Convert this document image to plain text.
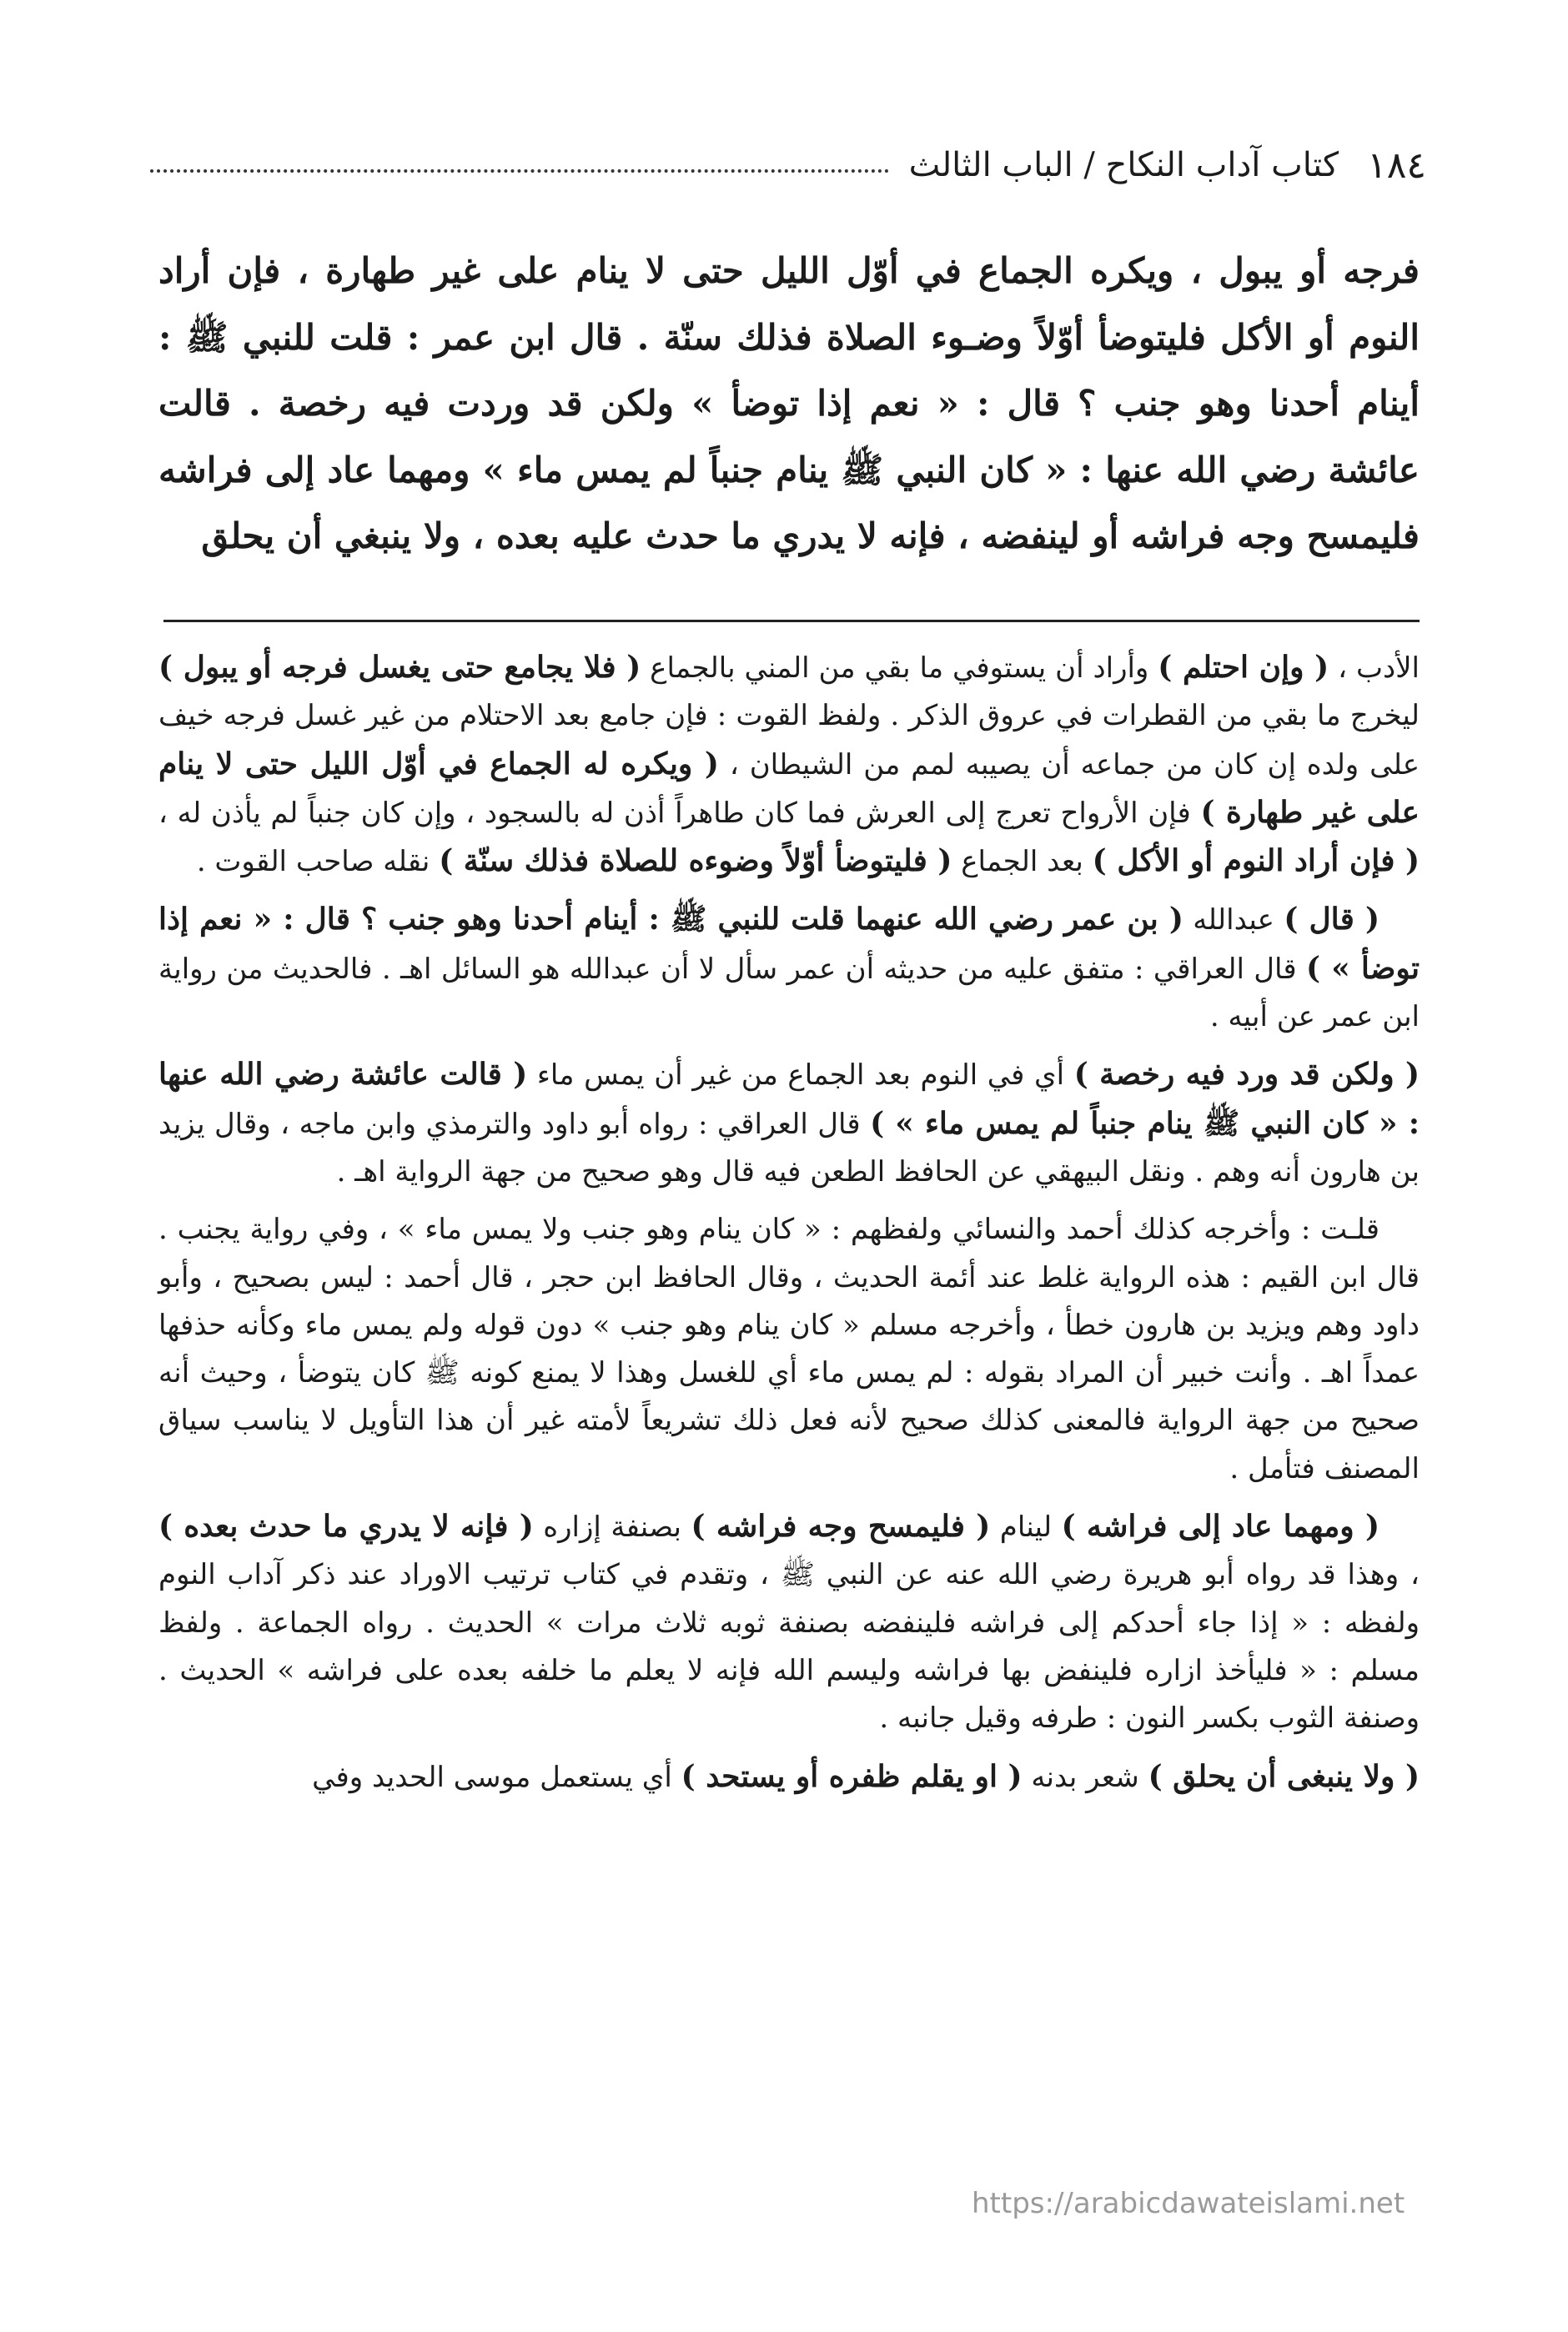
١٨٤
كتاب آداب النكاح / الباب الثالث
فرجه أو يبول ، ويكره الجماع في أوّل الليل حتى لا ينام على غير طهارة ، فإن أراد النوم أو الأكل فليتوضأ أوّلاً وضـوء الصلاة فذلك سنّة . قال ابن عمر : قلت للنبي ﷺ : أينام أحدنا وهو جنب ؟ قال : « نعم إذا توضأ » ولكن قد وردت فيه رخصة . قالت عائشة رضي الله عنها : « كان النبي ﷺ ينام جنباً لم يمس ماء » ومهما عاد إلى فراشه فليمسح وجه فراشه أو لينفضه ، فإنه لا يدري ما حدث عليه بعده ، ولا ينبغي أن يحلق

الأدب ، ( وإن احتلم ) وأراد أن يستوفي ما بقي من المني بالجماع ( فلا يجامع حتى يغسل فرجه أو يبول ) ليخرج ما بقي من القطرات في عروق الذكر . ولفظ القوت : فإن جامع بعد الاحتلام من غير غسل فرجه خيف على ولده إن كان من جماعه أن يصيبه لمم من الشيطان ، ( ويكره له الجماع في أوّل الليل حتى لا ينام على غير طهارة ) فإن الأرواح تعرج إلى العرش فما كان طاهراً أذن له بالسجود ، وإن كان جنباً لم يأذن له ، ( فإن أراد النوم أو الأكل ) بعد الجماع ( فليتوضأ أوّلاً وضوءه للصلاة فذلك سنّة ) نقله صاحب القوت .

( قال ) عبدالله ( بن عمر رضي الله عنهما قلت للنبي ﷺ : أينام أحدنا وهو جنب ؟ قال : « نعم إذا توضأ » ) قال العراقي : متفق عليه من حديثه أن عمر سأل لا أن عبدالله هو السائل اهـ . فالحديث من رواية ابن عمر عن أبيه .

( ولكن قد ورد فيه رخصة ) أي في النوم بعد الجماع من غير أن يمس ماء ( قالت عائشة رضي الله عنها : « كان النبي ﷺ ينام جنباً لم يمس ماء » ) قال العراقي : رواه أبو داود والترمذي وابن ماجه ، وقال يزيد بن هارون أنه وهم . ونقل البيهقي عن الحافظ الطعن فيه قال وهو صحيح من جهة الرواية اهـ .

قلـت : وأخرجه كذلك أحمد والنسائي ولفظهم : « كان ينام وهو جنب ولا يمس ماء » ، وفي رواية يجنب . قال ابن القيم : هذه الرواية غلط عند أئمة الحديث ، وقال الحافظ ابن حجر ، قال أحمد : ليس بصحيح ، وأبو داود وهم ويزيد بن هارون خطأ ، وأخرجه مسلم « كان ينام وهو جنب » دون قوله ولم يمس ماء وكأنه حذفها عمداً اهـ . وأنت خبير أن المراد بقوله : لم يمس ماء أي للغسل وهذا لا يمنع كونه ﷺ كان يتوضأ ، وحيث أنه صحيح من جهة الرواية فالمعنى كذلك صحيح لأنه فعل ذلك تشريعاً لأمته غير أن هذا التأويل لا يناسب سياق المصنف فتأمل .

( ومهما عاد إلى فراشه ) لينام ( فليمسح وجه فراشه ) بصنفة إزاره ( فإنه لا يدري ما حدث بعده ) ، وهذا قد رواه أبو هريرة رضي الله عنه عن النبي ﷺ ، وتقدم في كتاب ترتيب الاوراد عند ذكر آداب النوم ولفظه : « إذا جاء أحدكم إلى فراشه فلينفضه بصنفة ثوبه ثلاث مرات » الحديث . رواه الجماعة . ولفظ مسلم : « فليأخذ ازاره فلينفض بها فراشه وليسم الله فإنه لا يعلم ما خلفه بعده على فراشه » الحديث . وصنفة الثوب بكسر النون : طرفه وقيل جانبه .

( ولا ينبغى أن يحلق ) شعر بدنه ( او يقلم ظفره أو يستحد ) أي يستعمل موسى الحديد وفي

https://arabicdawateislami.net
